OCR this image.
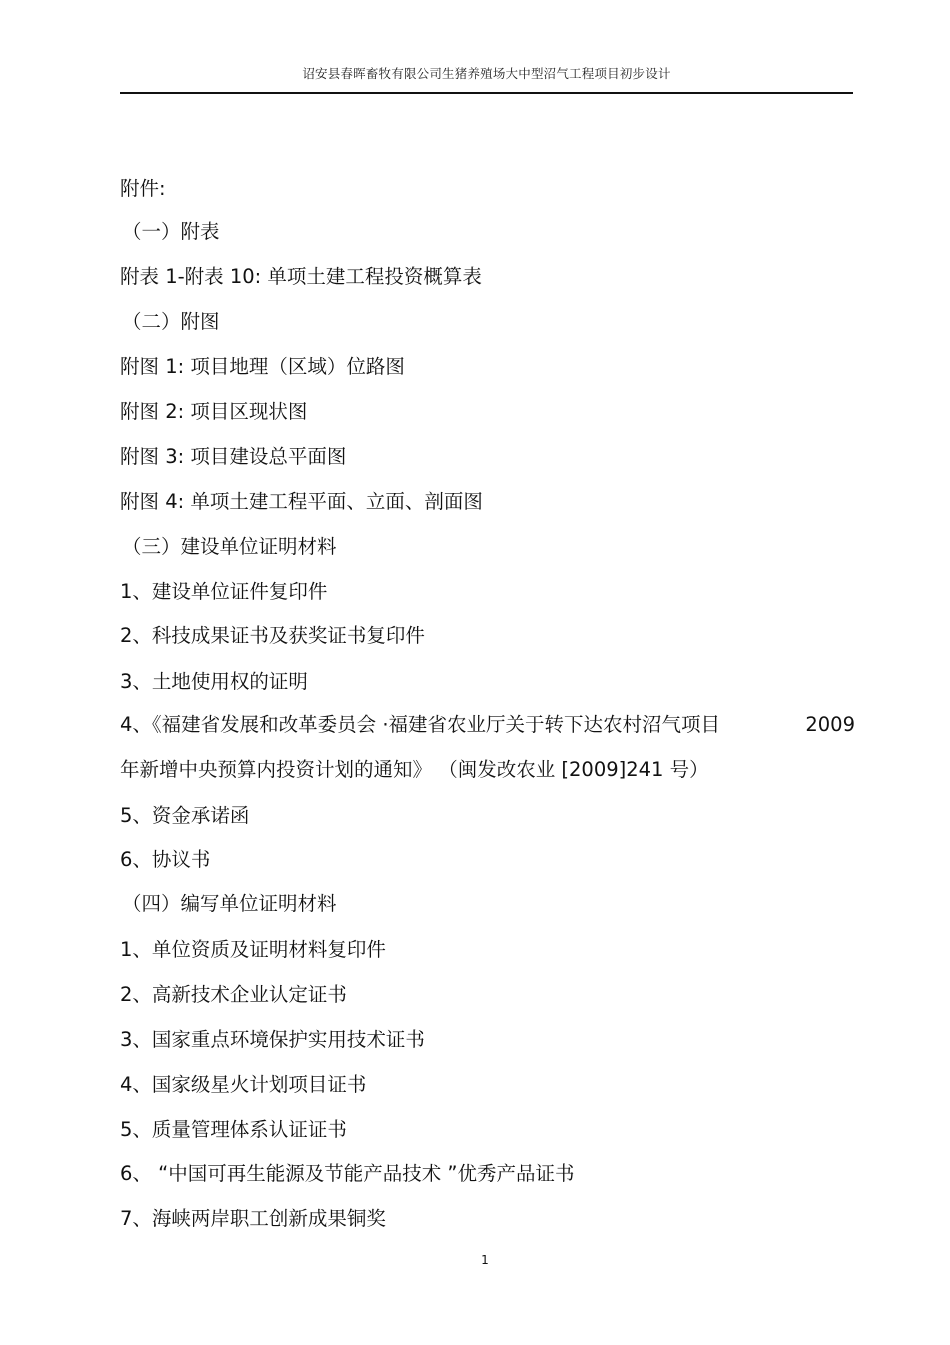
诏安县春晖畜牧有限公司生猪养殖场大中型沼气工程项目初步设计
附件:
（一）附表
附表 1-附表 10: 单项土建工程投资概算表
（二）附图
附图 1: 项目地理（区域）位路图
附图 2: 项目区现状图
附图 3: 项目建设总平面图
附图 4: 单项土建工程平面、立面、剖面图
（三）建设单位证明材料
1、建设单位证件复印件
2、科技成果证书及获奖证书复印件
3、土地使用权的证明
4、《福建省发展和改革委员会 ·福建省农业厅关于转下达农村沼气项目	2009
年新增中央预算内投资计划的通知》 （闽发改农业 [2009]241 号）
5、资金承诺函
6、协议书
（四）编写单位证明材料
1、单位资质及证明材料复印件
2、高新技术企业认定证书
3、国家重点环境保护实用技术证书
4、国家级星火计划项目证书
5、质量管理体系认证证书
6、 “中国可再生能源及节能产品技术 ”优秀产品证书
7、海峡两岸职工创新成果铜奖
1
